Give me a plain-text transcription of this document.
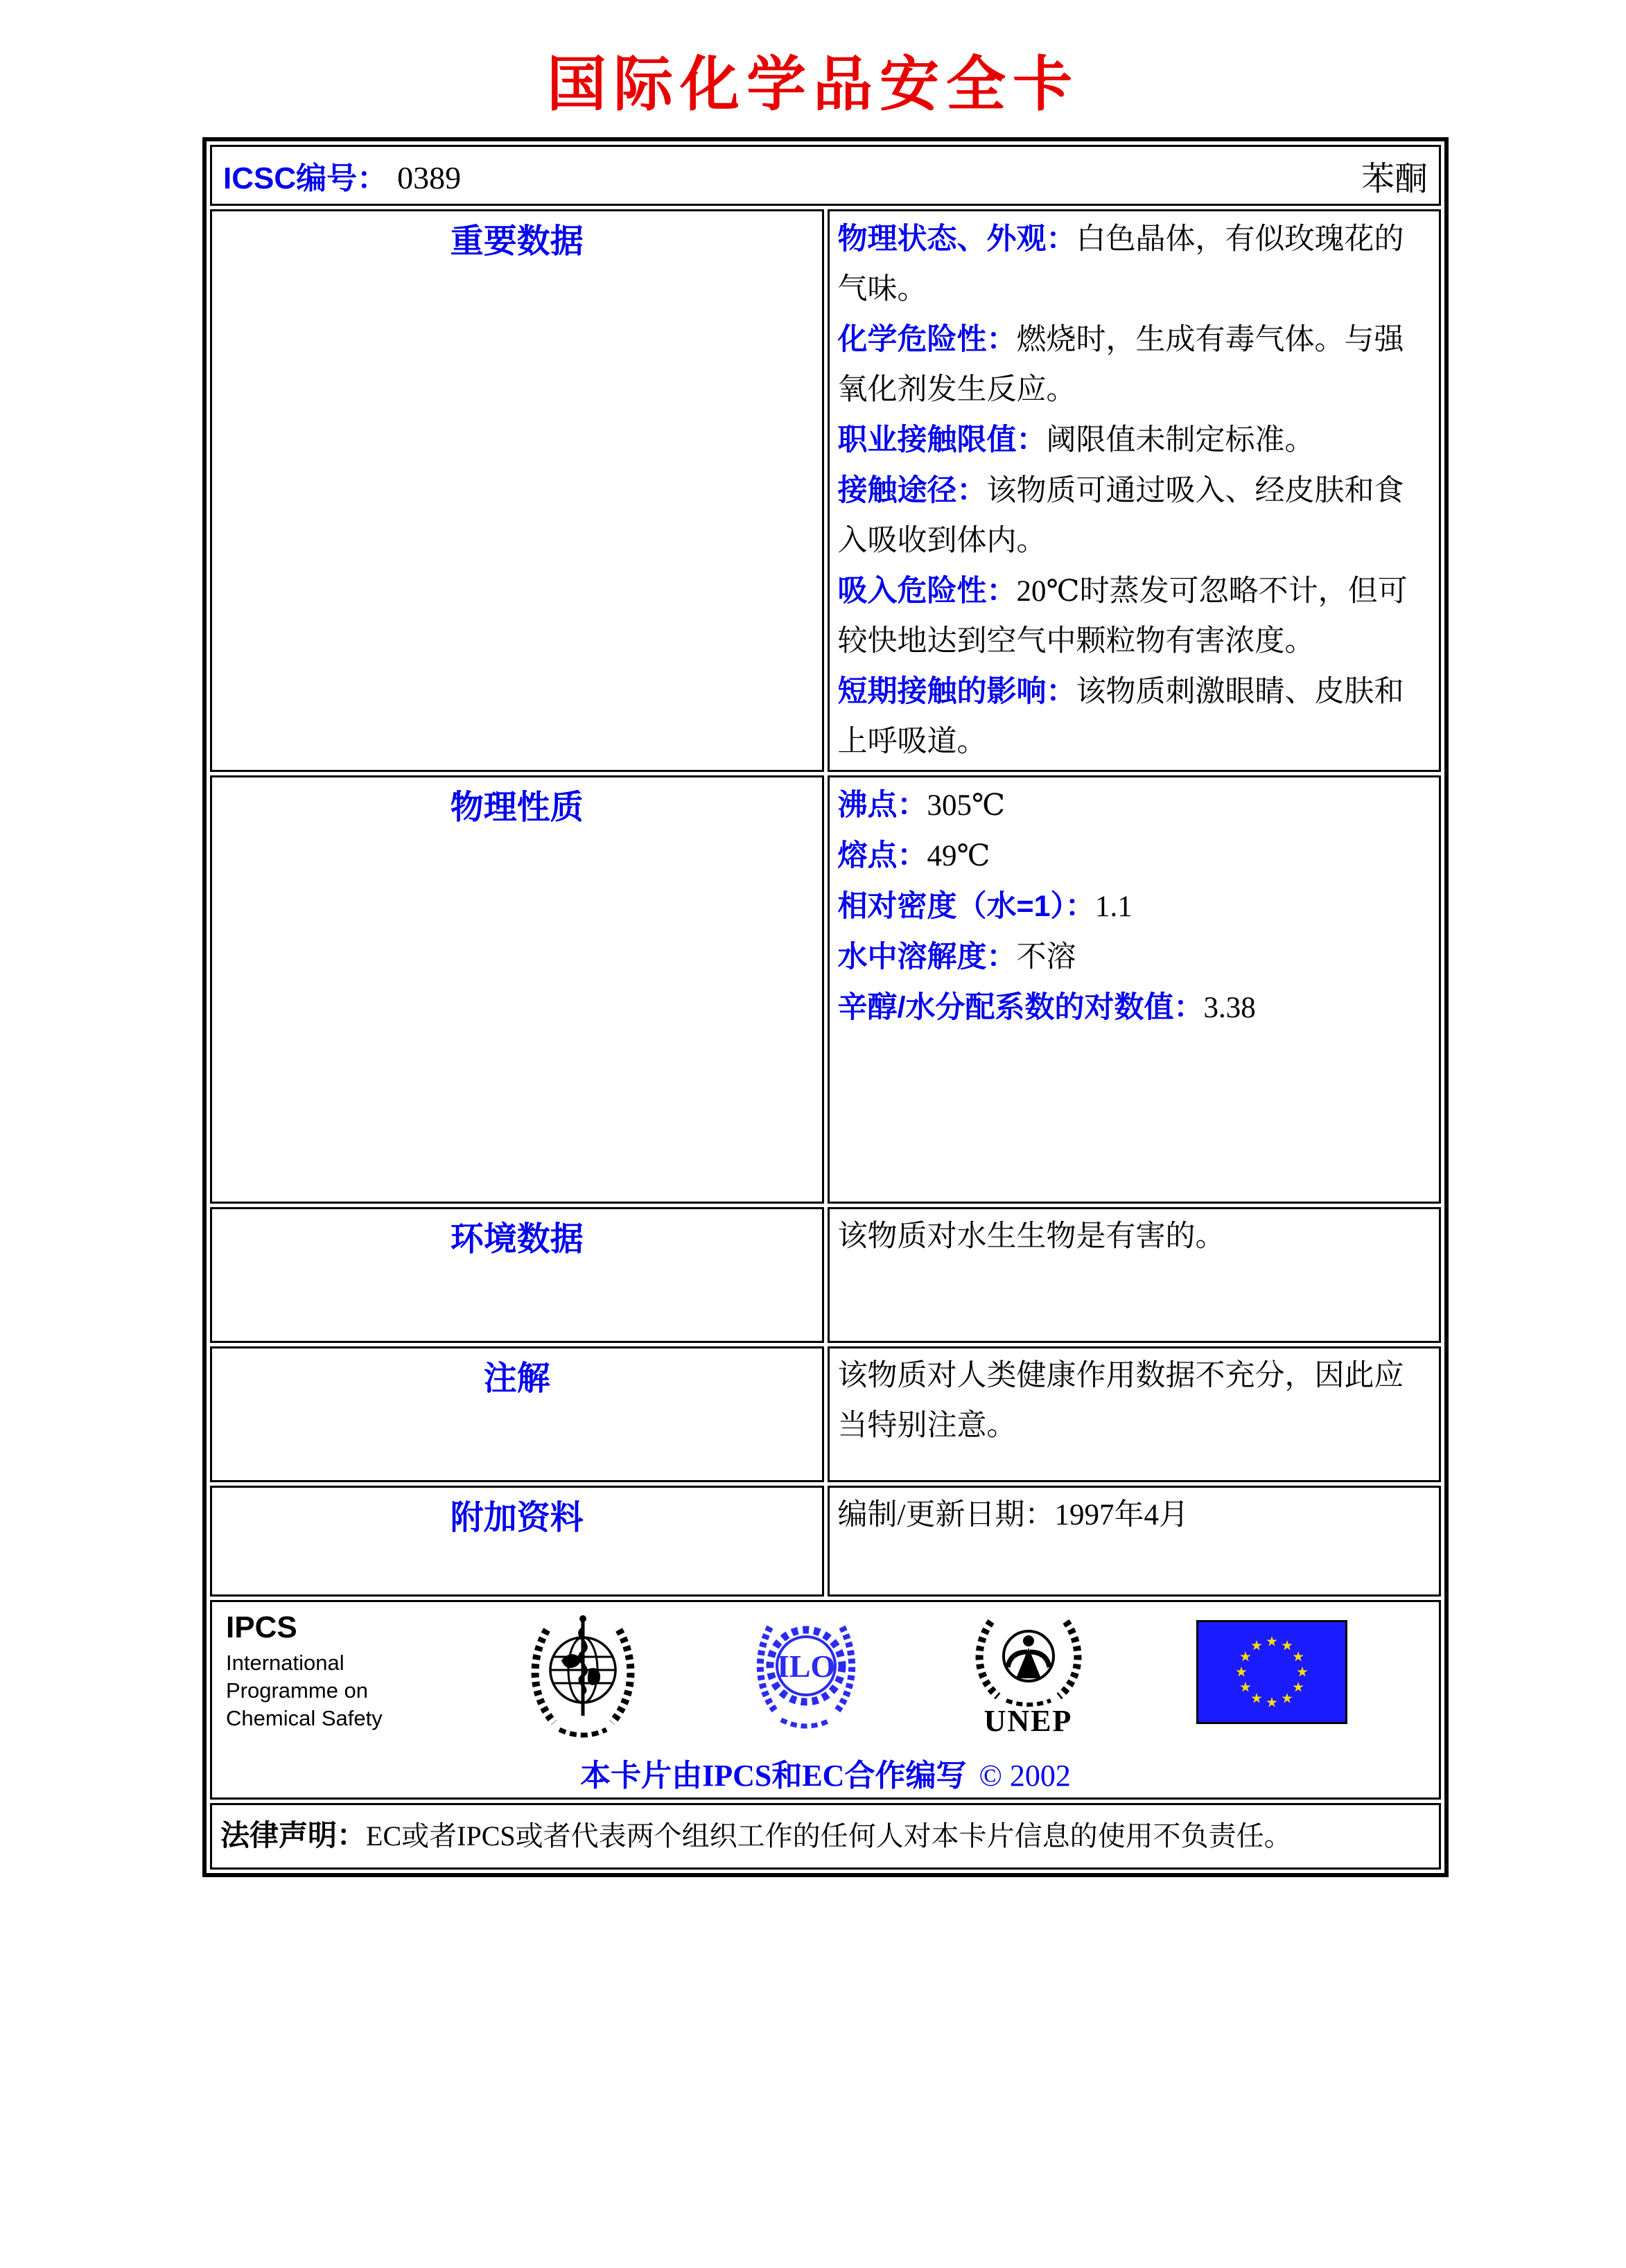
国际化学品安全卡
ICSC编号： 0389 苯酮	

重要数据	物理状态、外观：白色晶体，有似玫瑰花的气味。
化学危险性：燃烧时，生成有毒气体。与强氧化剂发生反应。
职业接触限值：阈限值未制定标准。
接触途径：该物质可通过吸入、经皮肤和食入吸收到体内。
吸入危险性：20℃时蒸发可忽略不计，但可较快地达到空气中颗粒物有害浓度。
短期接触的影响：该物质刺激眼睛、皮肤和上呼吸道。

物理性质	沸点：305℃
熔点：49℃
相对密度（水=1）：1.1
水中溶解度：不溶
辛醇/水分配系数的对数值：3.38

环境数据	该物质对水生生物是有害的。

注解	该物质对人类健康作用数据不充分，因此应当特别注意。

附加资料	编制/更新日期：1997年4月

IPCS
International
Programme on
Chemical Safety
ILO
UNEP
本卡片由IPCS和EC合作编写 © 2002

法律声明：EC或者IPCS或者代表两个组织工作的任何人对本卡片信息的使用不负责任。	
